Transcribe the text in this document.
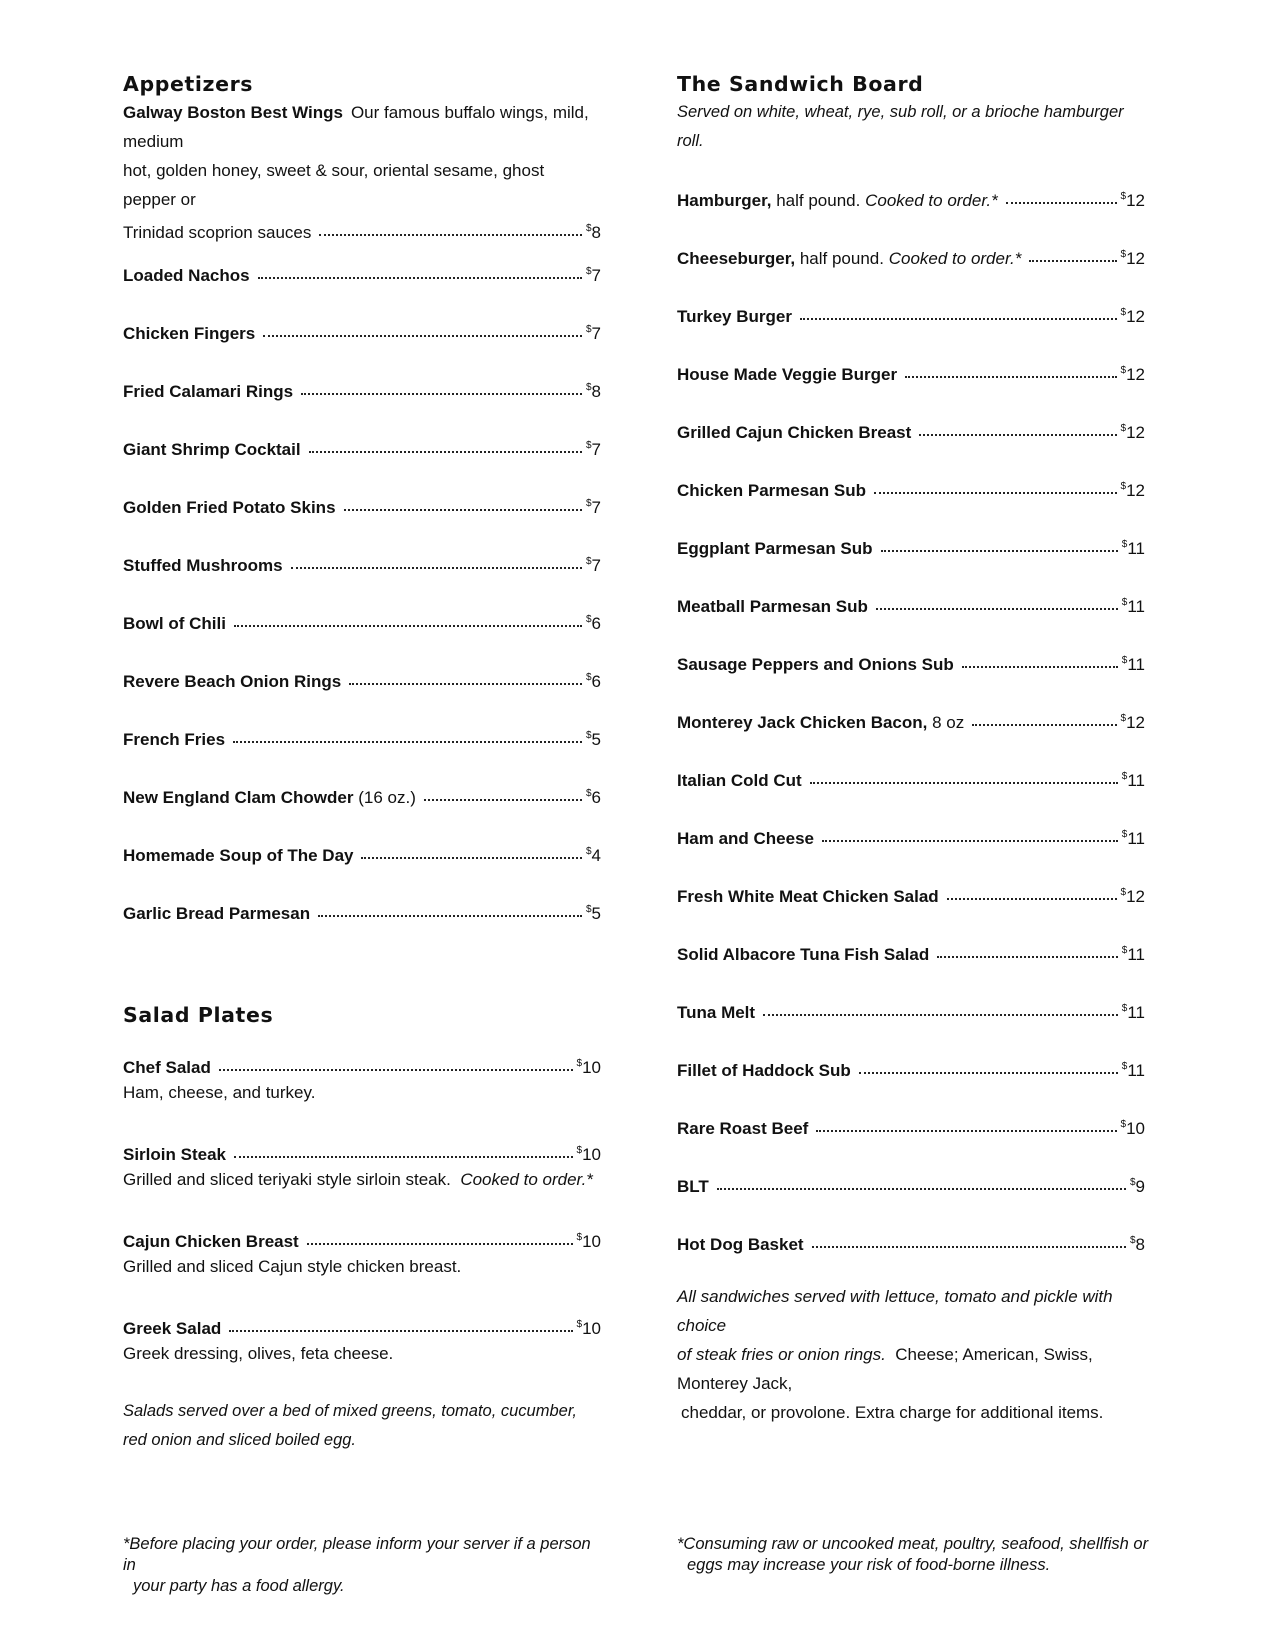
Appetizers
Galway Boston Best Wings Our famous buffalo wings, mild, medium
hot, golden honey, sweet & sour, oriental sesame, ghost pepper or
Trinidad scoprion sauces	$8
Loaded Nachos	$7
Chicken Fingers	$7
Fried Calamari Rings	$8
Giant Shrimp Cocktail	$7
Golden Fried Potato Skins	$7
Stuffed Mushrooms	$7
Bowl of Chili	$6
Revere Beach Onion Rings	$6
French Fries	$5
New England Clam Chowder (16 oz.)	$6
Homemade Soup of The Day	$4
Garlic Bread Parmesan	$5
Salad Plates
Chef Salad	$10
Ham, cheese, and turkey.
Sirloin Steak	$10
Grilled and sliced teriyaki style sirloin steak. Cooked to order.*
Cajun Chicken Breast	$10
Grilled and sliced Cajun style chicken breast.
Greek Salad	$10
Greek dressing, olives, feta cheese.

Salads served over a bed of mixed greens, tomato, cucumber,

red onion and sliced boiled egg.

The Sandwich Board

Served on white, wheat, rye, sub roll, or a brioche hamburger roll.

Hamburger, half pound. Cooked to order.*	$12
Cheeseburger, half pound. Cooked to order.*	$12
Turkey Burger	$12
House Made Veggie Burger	$12
Grilled Cajun Chicken Breast	$12
Chicken Parmesan Sub	$12
Eggplant Parmesan Sub	$11
Meatball Parmesan Sub	$11
Sausage Peppers and Onions Sub	$11
Monterey Jack Chicken Bacon, 8 oz	$12
Italian Cold Cut	$11
Ham and Cheese	$11
Fresh White Meat Chicken Salad	$12
Solid Albacore Tuna Fish Salad	$11
Tuna Melt	$11
Fillet of Haddock Sub	$11
Rare Roast Beef	$10
BLT	$9
Hot Dog Basket	$8
All sandwiches served with lettuce, tomato and pickle with choice
of steak fries or onion rings. Cheese; American, Swiss, Monterey Jack,
cheddar, or provolone. Extra charge for additional items.
*Before placing your order, please inform your server if a person in
your party has a food allergy.
*Consuming raw or uncooked meat, poultry, seafood, shellfish or
eggs may increase your risk of food-borne illness.
